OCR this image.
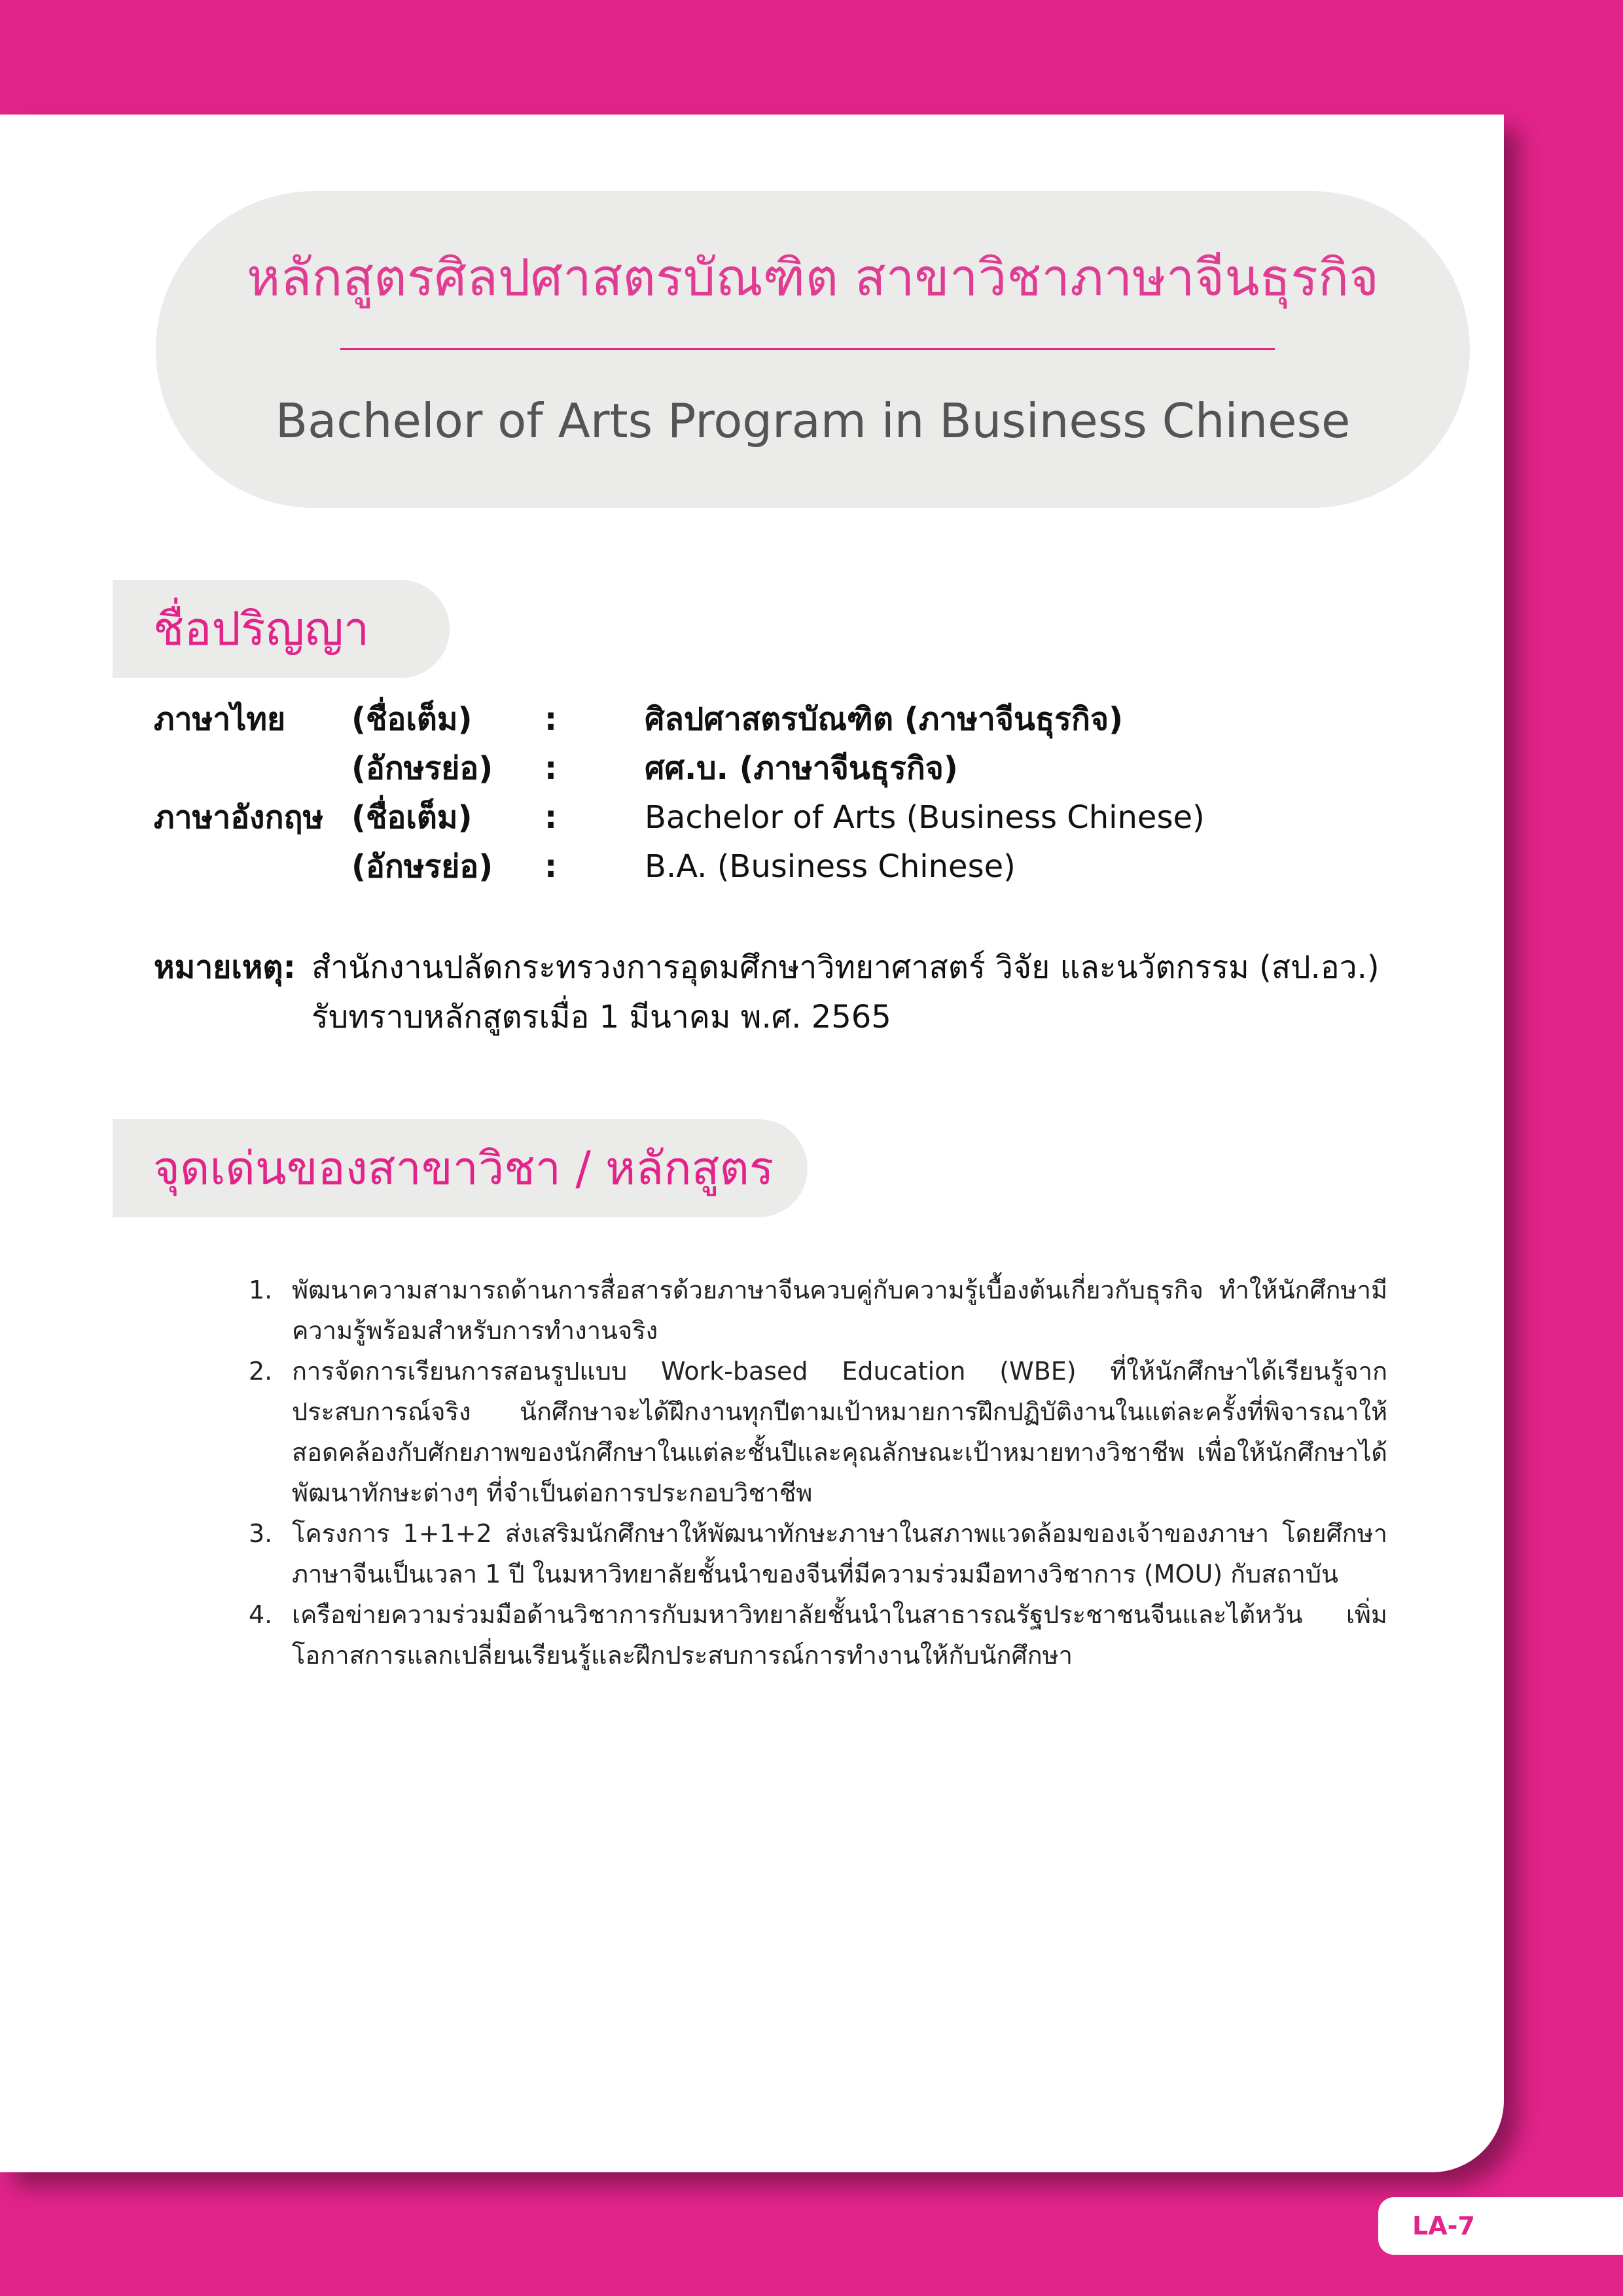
หลักสูตรศิลปศาสตรบัณฑิต สาขาวิชาภาษาจีนธุรกิจ
Bachelor of Arts Program in Business Chinese
ชื่อปริญญา
ภาษาไทย (ชื่อเต็ม) :	ศิลปศาสตรบัณฑิต (ภาษาจีนธุรกิจ)
(อักษรย่อ) :	ศศ.บ. (ภาษาจีนธุรกิจ)
ภาษาอังกฤษ (ชื่อเต็ม) :	Bachelor of Arts (Business Chinese)
(อักษรย่อ) :	B.A. (Business Chinese)
หมายเหตุ: สำนักงานปลัดกระทรวงการอุดมศึกษาวิทยาศาสตร์ วิจัย และนวัตกรรม (สป.อว.)
รับทราบหลักสูตรเมื่อ 1 มีนาคม พ.ศ. 2565
จุดเด่นของสาขาวิชา / หลักสูตร
1. พัฒนาความสามารถด้านการสื่อสารด้วยภาษาจีนควบคู่กับความรู้เบื้องต้นเกี่ยวกับธุรกิจ ทำให้นักศึกษามีความรู้พร้อมสำหรับการทำงานจริง
2. การจัดการเรียนการสอนรูปแบบ Work-based Education (WBE) ที่ให้นักศึกษาได้เรียนรู้จากประสบการณ์จริง นักศึกษาจะได้ฝึกงานทุกปีตามเป้าหมายการฝึกปฏิบัติงานในแต่ละครั้งที่พิจารณาให้สอดคล้องกับศักยภาพของนักศึกษาในแต่ละชั้นปีและคุณลักษณะเป้าหมายทางวิชาชีพ เพื่อให้นักศึกษาได้พัฒนาทักษะต่างๆ ที่จำเป็นต่อการประกอบวิชาชีพ
3. โครงการ 1+1+2 ส่งเสริมนักศึกษาให้พัฒนาทักษะภาษาในสภาพแวดล้อมของเจ้าของภาษา โดยศึกษาภาษาจีนเป็นเวลา 1 ปี ในมหาวิทยาลัยชั้นนำของจีนที่มีความร่วมมือทางวิชาการ (MOU) กับสถาบัน
4. เครือข่ายความร่วมมือด้านวิชาการกับมหาวิทยาลัยชั้นนำในสาธารณรัฐประชาชนจีนและไต้หวัน เพิ่มโอกาสการแลกเปลี่ยนเรียนรู้และฝึกประสบการณ์การทำงานให้กับนักศึกษา
LA-7
